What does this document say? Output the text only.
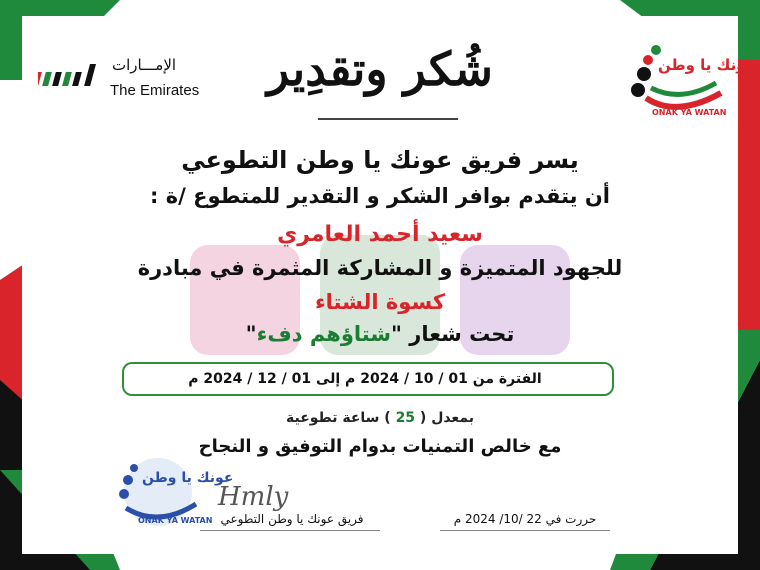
الإمـــارات
The Emirates
عونك يا وطن
ONAK YA WATAN
شُكر وتقدِير
يسر فريق عونك يا وطن التطوعي
أن يتقدم بوافر الشكر و التقدير للمتطوع /ة :
سعيد أحمد العامري
للجهود المتميزة و المشاركة المثمرة في مبادرة
كسوة الشتاء
تحت شعار "شتاؤهم دفء"
الفترة من 01 / 10 / 2024 م إلى 01 / 12 / 2024 م
بمعدل ( 25 ) ساعة تطوعية
مع خالص التمنيات بدوام التوفيق و النجاح
عونك يا وطن
ONAK YA WATAN
Hmly
فريق عونك يا وطن التطوعي	حررت في 22 /10/ 2024 م
